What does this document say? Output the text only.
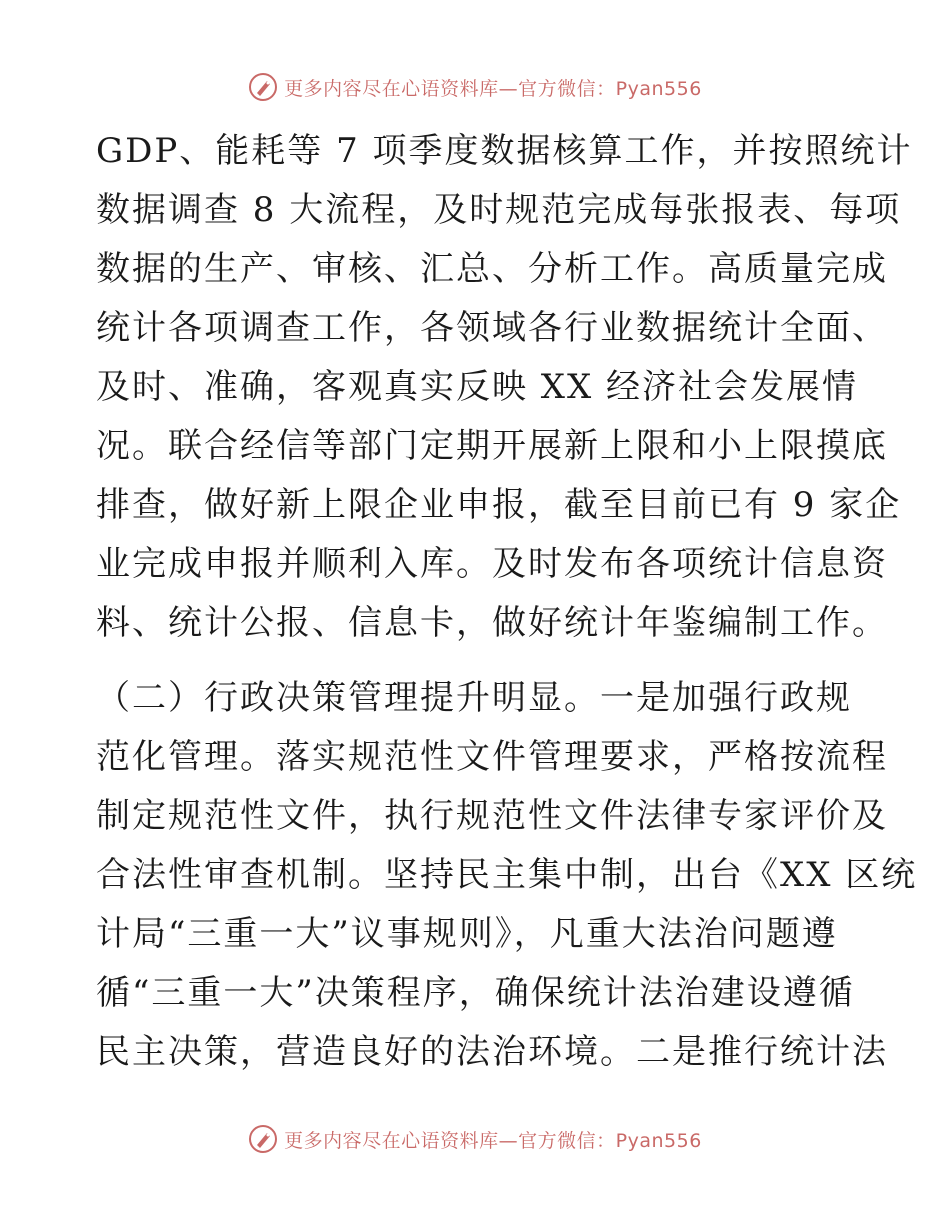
更多内容尽在心语资料库—官方微信：Pyan556
GDP、能耗等 7 项季度数据核算工作，并按照统计
数据调查 8 大流程，及时规范完成每张报表、每项
数据的生产、审核、汇总、分析工作。高质量完成
统计各项调查工作，各领域各行业数据统计全面、
及时、准确，客观真实反映 XX 经济社会发展情
况。联合经信等部门定期开展新上限和小上限摸底
排查，做好新上限企业申报，截至目前已有 9 家企
业完成申报并顺利入库。及时发布各项统计信息资
料、统计公报、信息卡，做好统计年鉴编制工作。
（二）行政决策管理提升明显。一是加强行政规
范化管理。落实规范性文件管理要求，严格按流程
制定规范性文件，执行规范性文件法律专家评价及
合法性审查机制。坚持民主集中制，出台《XX 区统
计局“三重一大”议事规则》，凡重大法治问题遵
循“三重一大”决策程序，确保统计法治建设遵循
民主决策，营造良好的法治环境。二是推行统计法
更多内容尽在心语资料库—官方微信：Pyan556
